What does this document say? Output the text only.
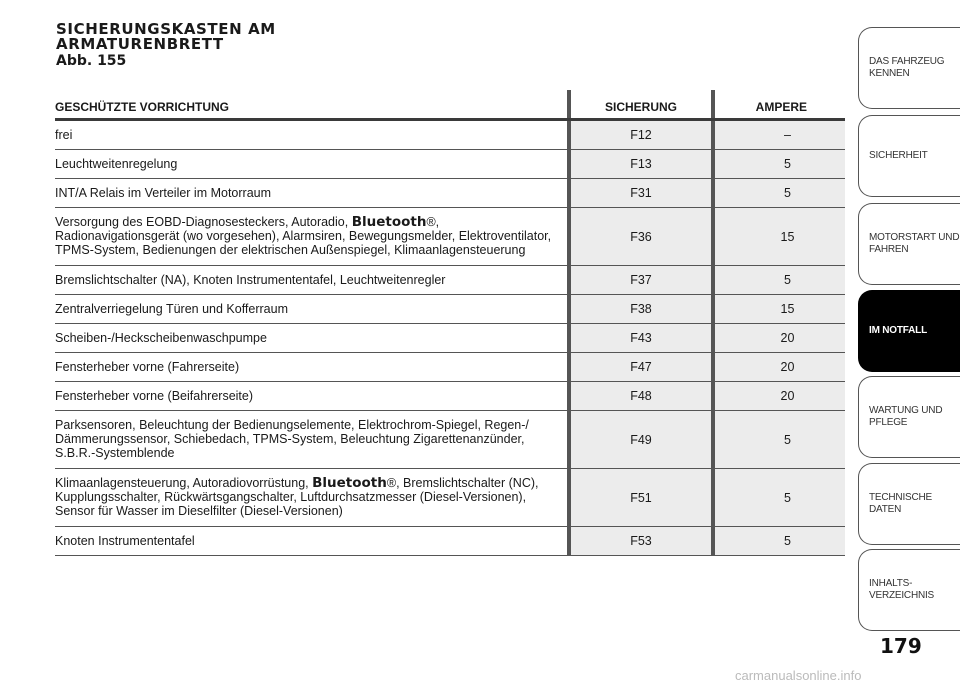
SICHERUNGSKASTEN AM
ARMATURENBRETT
Abb. 155
GESCHÜTZTE VORRICHTUNG		SICHERUNG		AMPERE
frei		F12		–
Leuchtweitenregelung		F13		5
INT/A Relais im Verteiler im Motorraum		F31		5
Versorgung des EOBD-Diagnosesteckers, Autoradio, Bluetooth®, Radionavigationsgerät (wo vorgesehen), Alarmsiren, Bewegungsmelder, Elektroventilator, TPMS-System, Bedienungen der elektrischen Außenspiegel, Klimaanlagensteuerung		F36		15
Bremslichtschalter (NA), Knoten Instrumententafel, Leuchtweitenregler		F37		5
Zentralverriegelung Türen und Kofferraum		F38		15
Scheiben-/Heckscheibenwaschpumpe		F43		20
Fensterheber vorne (Fahrerseite)		F47		20
Fensterheber vorne (Beifahrerseite)		F48		20
Parksensoren, Beleuchtung der Bedienungselemente, Elektrochrom-Spiegel, Regen-/ Dämmerungssensor, Schiebedach, TPMS-System, Beleuchtung Zigarettenanzünder, S.B.R.-Systemblende		F49		5
Klimaanlagensteuerung, Autoradiovorrüstung, Bluetooth®, Bremslichtschalter (NC), Kupplungsschalter, Rückwärtsgangschalter, Luftdurchsatzmesser (Diesel-Versionen), Sensor für Wasser im Dieselfilter (Diesel-Versionen)		F51		5
Knoten Instrumententafel		F53		5
DAS FAHRZEUG
KENNEN
SICHERHEIT
MOTORSTART UND
FAHREN
IM NOTFALL
WARTUNG UND
PFLEGE
TECHNISCHE DATEN
INHALTS-
VERZEICHNIS
179
carmanualsonline.info
